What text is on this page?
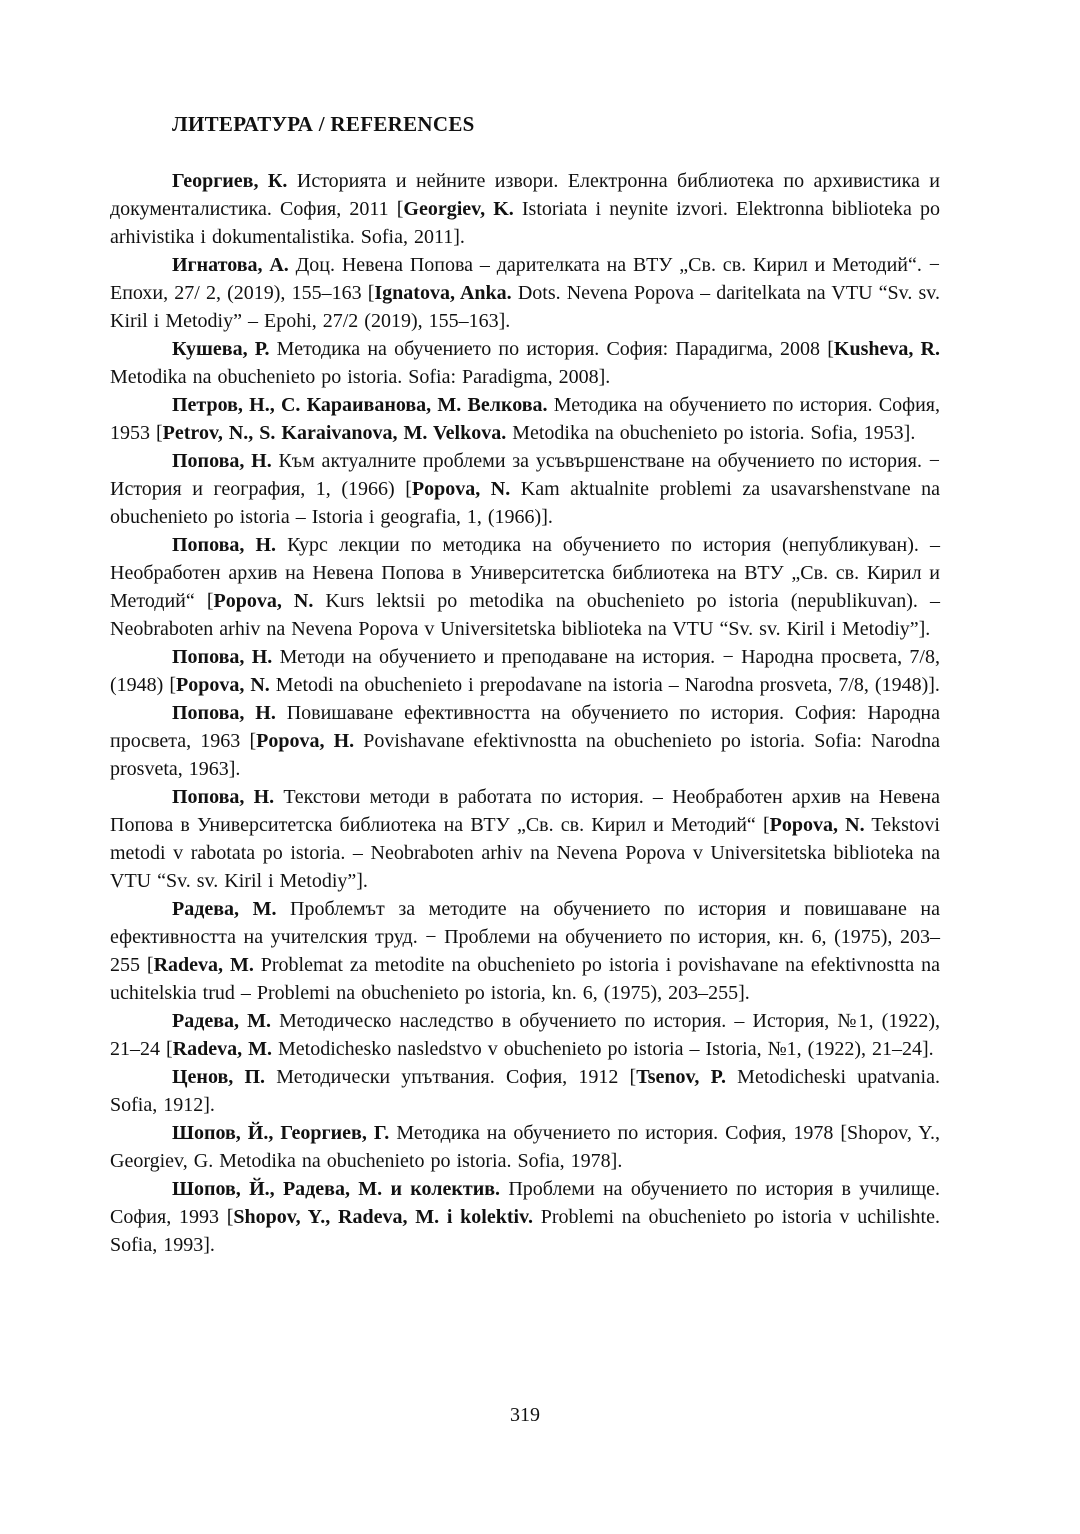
ЛИТЕРАТУРА / REFERENCES

Георгиев, К. Историята и нейните извори. Електронна библиотека по архивистика и документалистика. София, 2011 [Georgiev, K. Istoriata i neynite izvori. Elektronna biblioteka po arhivistika i dokumentalistika. Sofia, 2011].

Игнатова, А. Доц. Невена Попова – дарителката на ВТУ „Св. св. Кирил и Методий“. − Епохи, 27/ 2, (2019), 155–163 [Ignatova, Anka. Dots. Nevena Popova – daritelkata na VTU “Sv. sv. Kiril i Metodiy” – Epohi, 27/2 (2019), 155–163].

Кушева, Р. Методика на обучението по история. София: Парадигма, 2008 [Kusheva, R. Metodika na obuchenieto po istoria. Sofia: Paradigma, 2008].

Петров, Н., С. Караиванова, М. Велкова. Методика на обучението по история. София, 1953 [Petrov, N., S. Karaivanova, M. Velkova. Metodika na obuchenieto po istoria. Sofia, 1953].

Попова, Н. Към актуалните проблеми за усъвършенстване на обучението по история. − История и география, 1, (1966) [Popova, N. Kam aktualnite problemi za usavarshenstvane na obuchenieto po istoria – Istoria i geografia, 1, (1966)].

Попова, Н. Курс лекции по методика на обучението по история (непубликуван). – Необработен архив на Невена Попова в Университетска библиотека на ВТУ „Св. св. Кирил и Методий“ [Popova, N. Kurs lektsii po metodika na obuchenieto po istoria (nepublikuvan). – Neobraboten arhiv na Nevena Popova v Universitetska biblioteka na VTU “Sv. sv. Kiril i Metodiy”].

Попова, Н. Методи на обучението и преподаване на история. − Народна просвета, 7/8, (1948) [Popova, N. Metodi na obuchenieto i prepodavane na istoria – Narodna prosveta, 7/8, (1948)].

Попова, Н. Повишаване ефективността на обучението по история. София: Народна просвета, 1963 [Popova, H. Povishavane efektivnostta na obuchenieto po istoria. Sofia: Narodna prosveta, 1963].

Попова, Н. Текстови методи в работата по история. – Необработен архив на Невена Попова в Университетска библиотека на ВТУ „Св. св. Кирил и Методий“ [Popova, N. Tekstovi metodi v rabotata po istoria. – Neobraboten arhiv na Nevena Popova v Universitetska biblioteka na VTU “Sv. sv. Kiril i Metodiy”].

Радева, М. Проблемът за методите на обучението по история и повишаване на ефективността на учителския труд. − Проблеми на обучението по история, кн. 6, (1975), 203–255 [Radeva, M. Problemat za metodite na obuchenieto po istoria i povishavane na efektivnostta na uchitelskia trud – Problemi na obuchenieto po istoria, kn. 6, (1975), 203–255].

Радева, М. Методическо наследство в обучението по история. – История, №1, (1922), 21–24 [Radeva, M. Metodichesko nasledstvo v obuchenieto po istoria – Istoria, №1, (1922), 21–24].

Ценов, П. Методически упътвания. София, 1912 [Tsenov, P. Metodicheski upatvania. Sofia, 1912].

Шопов, Й., Георгиев, Г. Методика на обучението по история. София, 1978 [Shopov, Y., Georgiev, G. Metodika na obuchenieto po istoria. Sofia, 1978].

Шопов, Й., Радева, М. и колектив. Проблеми на обучението по история в училище. София, 1993 [Shopov, Y., Radeva, M. i kolektiv. Problemi na obuchenieto po istoria v uchilishte. Sofia, 1993].

319
